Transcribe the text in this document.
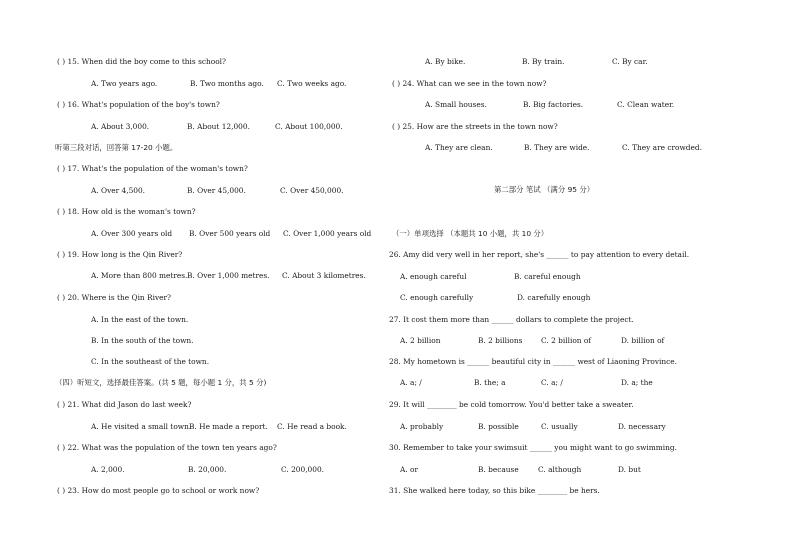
( ) 15. When did the boy come to this school?
A. Two years ago.	B. Two months ago. C. Two weeks ago.
( ) 16. What's population of the boy's town?
A. About 3,000.	B. About 12,000.	C. About 100,000.
听第三段对话，回答第 17-20 小题。
( ) 17. What's the population of the woman's town?
A. Over 4,500.	B. Over 45,000.	C. Over 450,000.
( ) 18. How old is the woman's town?
A. Over 300 years old B. Over 500 years old C. Over 1,000 years old
( ) 19. How long is the Qin River?
A. More than 800 metres. B. Over 1,000 metres. C. About 3 kilometres.
( ) 20. Where is the Qin River?
A. In the east of the town.
B. In the south of the town.
C. In the southeast of the town.
（四）听短文，选择最佳答案。(共 5 题，每小题 1 分，共 5 分)
( ) 21. What did Jason do last week?
A. He visited a small town.
B. He made a report. C. He read a book.
( ) 22. What was the population of the town ten years ago?
A. 2,000.	B. 20,000.	C. 200,000.
( ) 23. How do most people go to school or work now?
A. By bike.	B. By train.	C. By car.
( ) 24. What can we see in the town now?
A. Small houses.	B. Big factories.	C. Clean water.
( ) 25. How are the streets in the town now?
A. They are clean.	B. They are wide.	C. They are crowded.
第二部分 笔试 （满分 95 分）
（一）单项选择 （本题共 10 小题，共 10 分）
26. Amy did very well in her report, she's ______ to pay attention to every detail.
A. enough careful	B. careful enough
C. enough carefully	D. carefully enough
27. It cost them more than ______ dollars to complete the project.
A. 2 billion	B. 2 billions	C. 2 billion of	D. billion of
28. My hometown is ______ beautiful city in ______ west of Liaoning Province.
A. a; /	B. the; a	C. a; /	D. a; the
29. It will ________ be cold tomorrow. You'd better take a sweater.
A. probably	B. possible	C. usually	D. necessary
30. Remember to take your swimsuit ______ you might want to go swimming.
A. or	B. because	C. although	D. but
31. She walked here today, so this bike ________ be hers.
